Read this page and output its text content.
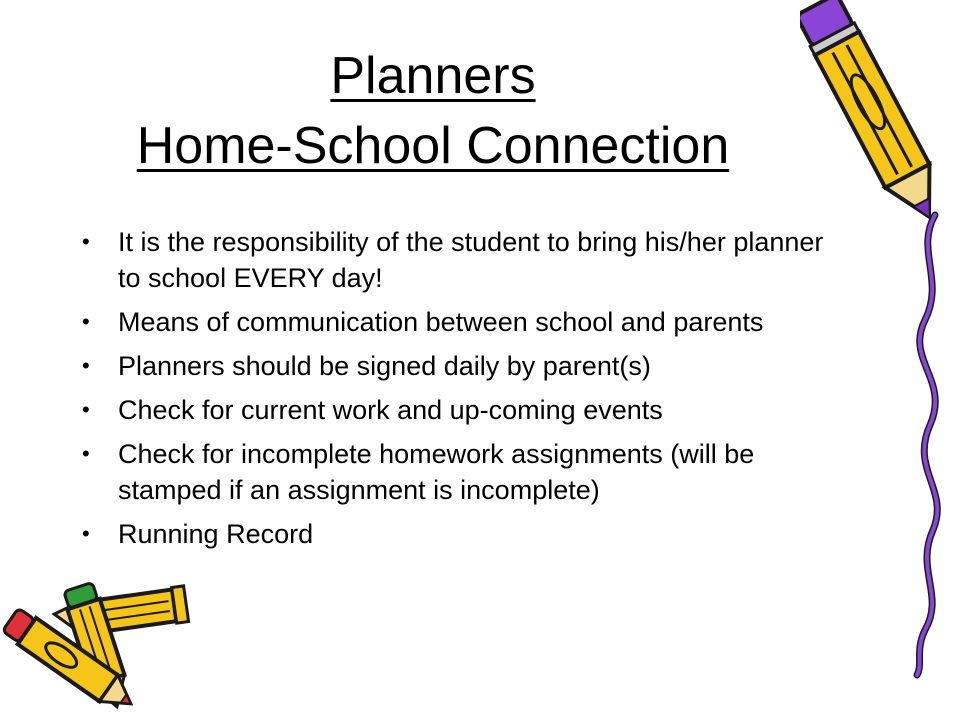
Planners
Home-School Connection
• It is the responsibility of the student to bring his/her planner to school EVERY day!
• Means of communication between school and parents
• Planners should be signed daily by parent(s)
• Check for current work and up-coming events
• Check for incomplete homework assignments (will be stamped if an assignment is incomplete)
• Running Record
